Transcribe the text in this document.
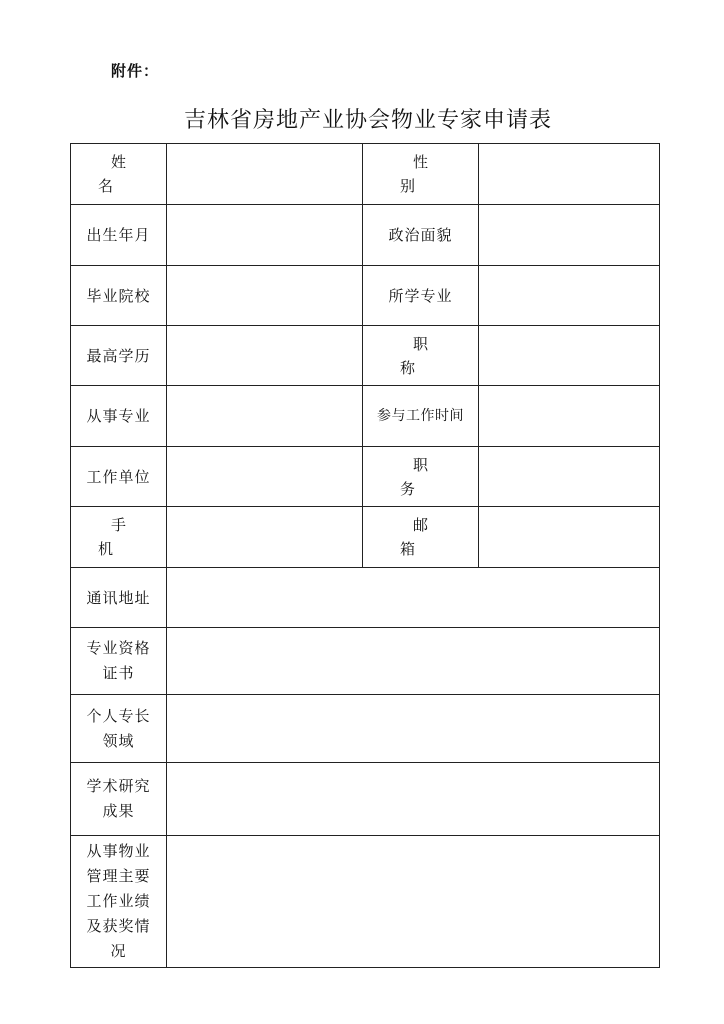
附件：
吉林省房地产业协会物业专家申请表
姓 名		性 别	
出生年月		政治面貌	
毕业院校		所学专业	
最高学历		职 称	
从事专业		参与工作时间	
工作单位		职 务	
手 机		邮 箱	
通讯地址			
专业资格证书			
个人专长领域			
学术研究成果			
从事物业管理主要工作业绩及获奖情况			
